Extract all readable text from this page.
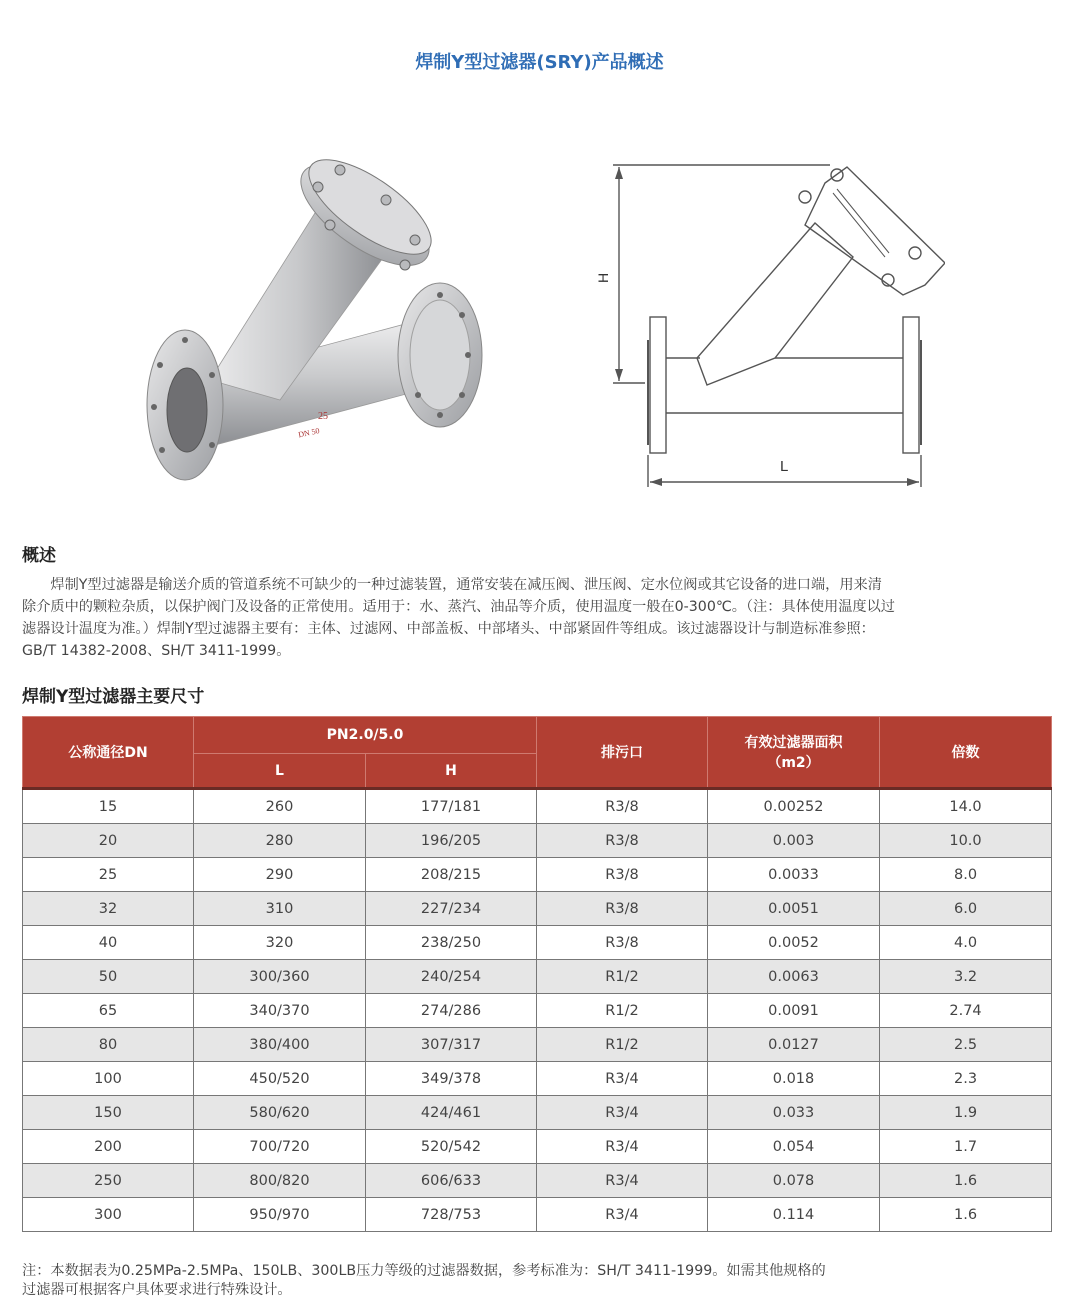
焊制Y型过滤器(SRY)产品概述
25
DN 50
H
L
概述

　　焊制Y型过滤器是输送介质的管道系统不可缺少的一种过滤装置，通常安装在减压阀、泄压阀、定水位阀或其它设备的进口端，用来清

除介质中的颗粒杂质，以保护阀门及设备的正常使用。适用于：水、蒸汽、油品等介质，使用温度一般在0-300℃。（注：具体使用温度以过

滤器设计温度为准。）焊制Y型过滤器主要有：主体、过滤网、中部盖板、中部堵头、中部紧固件等组成。该过滤器设计与制造标准参照：

GB/T 14382-2008、SH/T 3411-1999。

焊制Y型过滤器主要尺寸
公称通径DN	PN2.0/5.0		排污口	有效过滤器面积
（m2）	倍数
	L	H			
15	260	177/181	R3/8	0.00252	14.0
20	280	196/205	R3/8	0.003	10.0
25	290	208/215	R3/8	0.0033	8.0
32	310	227/234	R3/8	0.0051	6.0
40	320	238/250	R3/8	0.0052	4.0
50	300/360	240/254	R1/2	0.0063	3.2
65	340/370	274/286	R1/2	0.0091	2.74
80	380/400	307/317	R1/2	0.0127	2.5
100	450/520	349/378	R3/4	0.018	2.3
150	580/620	424/461	R3/4	0.033	1.9
200	700/720	520/542	R3/4	0.054	1.7
250	800/820	606/633	R3/4	0.078	1.6
300	950/970	728/753	R3/4	0.114	1.6

注：本数据表为0.25MPa-2.5MPa、150LB、300LB压力等级的过滤器数据，参考标准为：SH/T 3411-1999。如需其他规格的

过滤器可根据客户具体要求进行特殊设计。
